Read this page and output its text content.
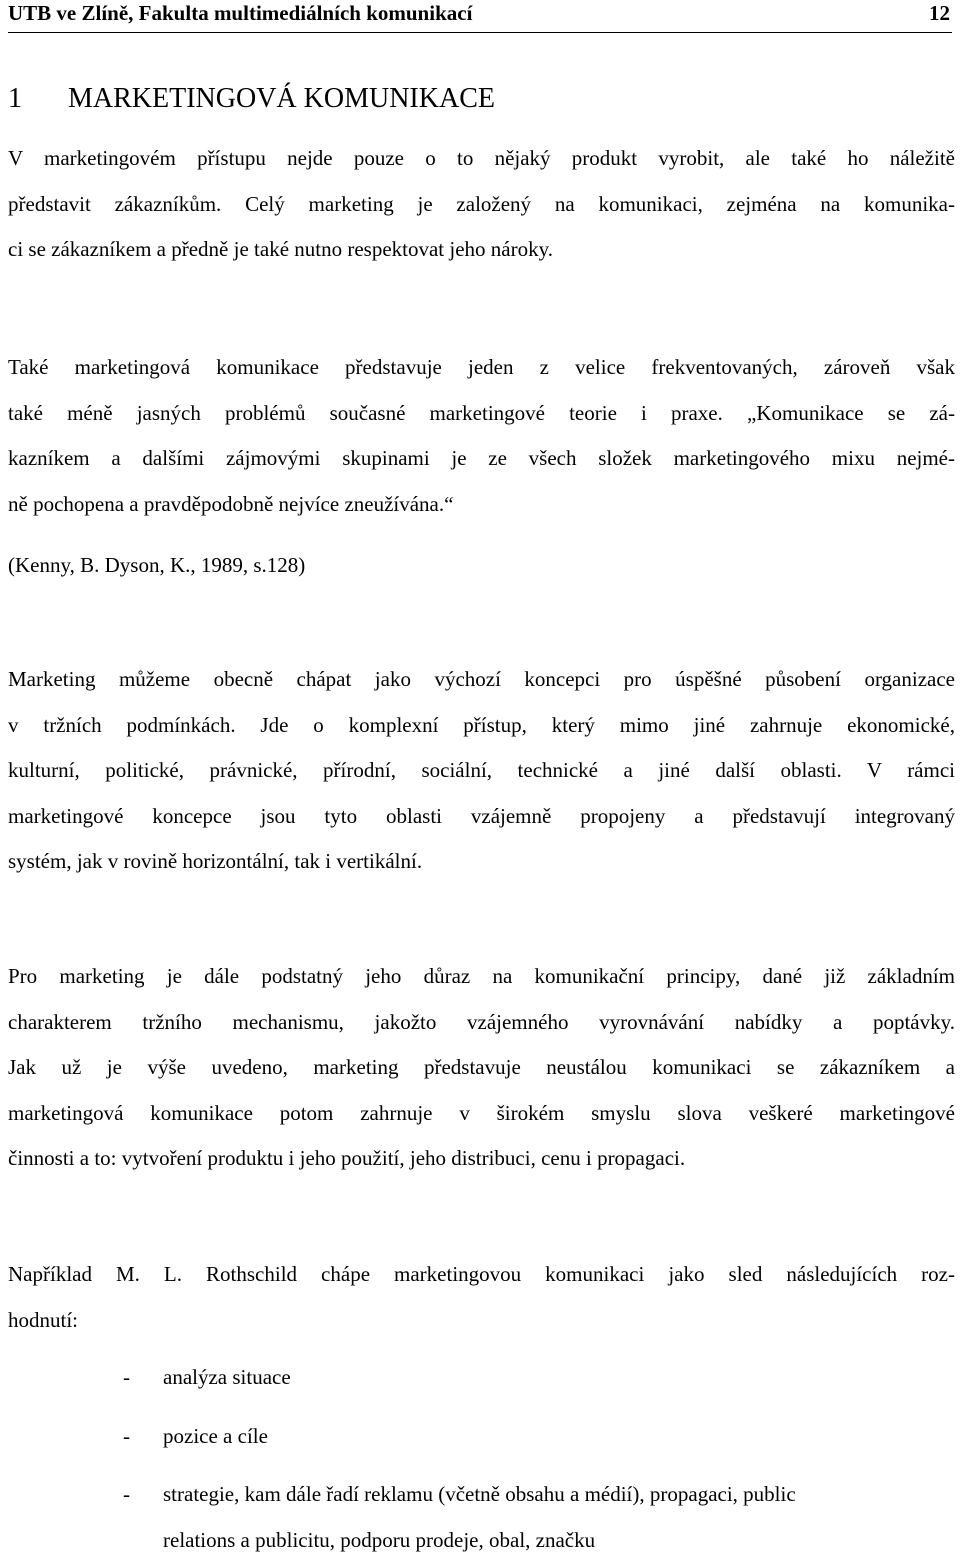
UTB ve Zlíně, Fakulta multimediálních komunikací	12
1 MARKETINGOVÁ KOMUNIKACE
V marketingovém přístupu nejde pouze o to nějaký produkt vyrobit, ale také ho náležitě
představit zákazníkům. Celý marketing je založený na komunikaci, zejména na komunika-
ci se zákazníkem a předně je také nutno respektovat jeho nároky.
Také marketingová komunikace představuje jeden z velice frekventovaných, zároveň však
také méně jasných problémů současné marketingové teorie i praxe. „Komunikace se zá-
kazníkem a dalšími zájmovými skupinami je ze všech složek marketingového mixu nejmé-
ně pochopena a pravděpodobně nejvíce zneužívána.“
(Kenny, B. Dyson, K., 1989, s.128)
Marketing můžeme obecně chápat jako výchozí koncepci pro úspěšné působení organizace
v tržních podmínkách. Jde o komplexní přístup, který mimo jiné zahrnuje ekonomické,
kulturní, politické, právnické, přírodní, sociální, technické a jiné další oblasti. V rámci
marketingové koncepce jsou tyto oblasti vzájemně propojeny a představují integrovaný
systém, jak v rovině horizontální, tak i vertikální.
Pro marketing je dále podstatný jeho důraz na komunikační principy, dané již základním
charakterem tržního mechanismu, jakožto vzájemného vyrovnávání nabídky a poptávky.
Jak už je výše uvedeno, marketing představuje neustálou komunikaci se zákazníkem a
marketingová komunikace potom zahrnuje v širokém smyslu slova veškeré marketingové
činnosti a to: vytvoření produktu i jeho použití, jeho distribuci, cenu i propagaci.
Například M. L. Rothschild chápe marketingovou komunikaci jako sled následujících roz-
hodnutí:
- analýza situace
- pozice a cíle
- strategie, kam dále řadí reklamu (včetně obsahu a médií), propagaci, public
relations a publicitu, podporu prodeje, obal, značku
